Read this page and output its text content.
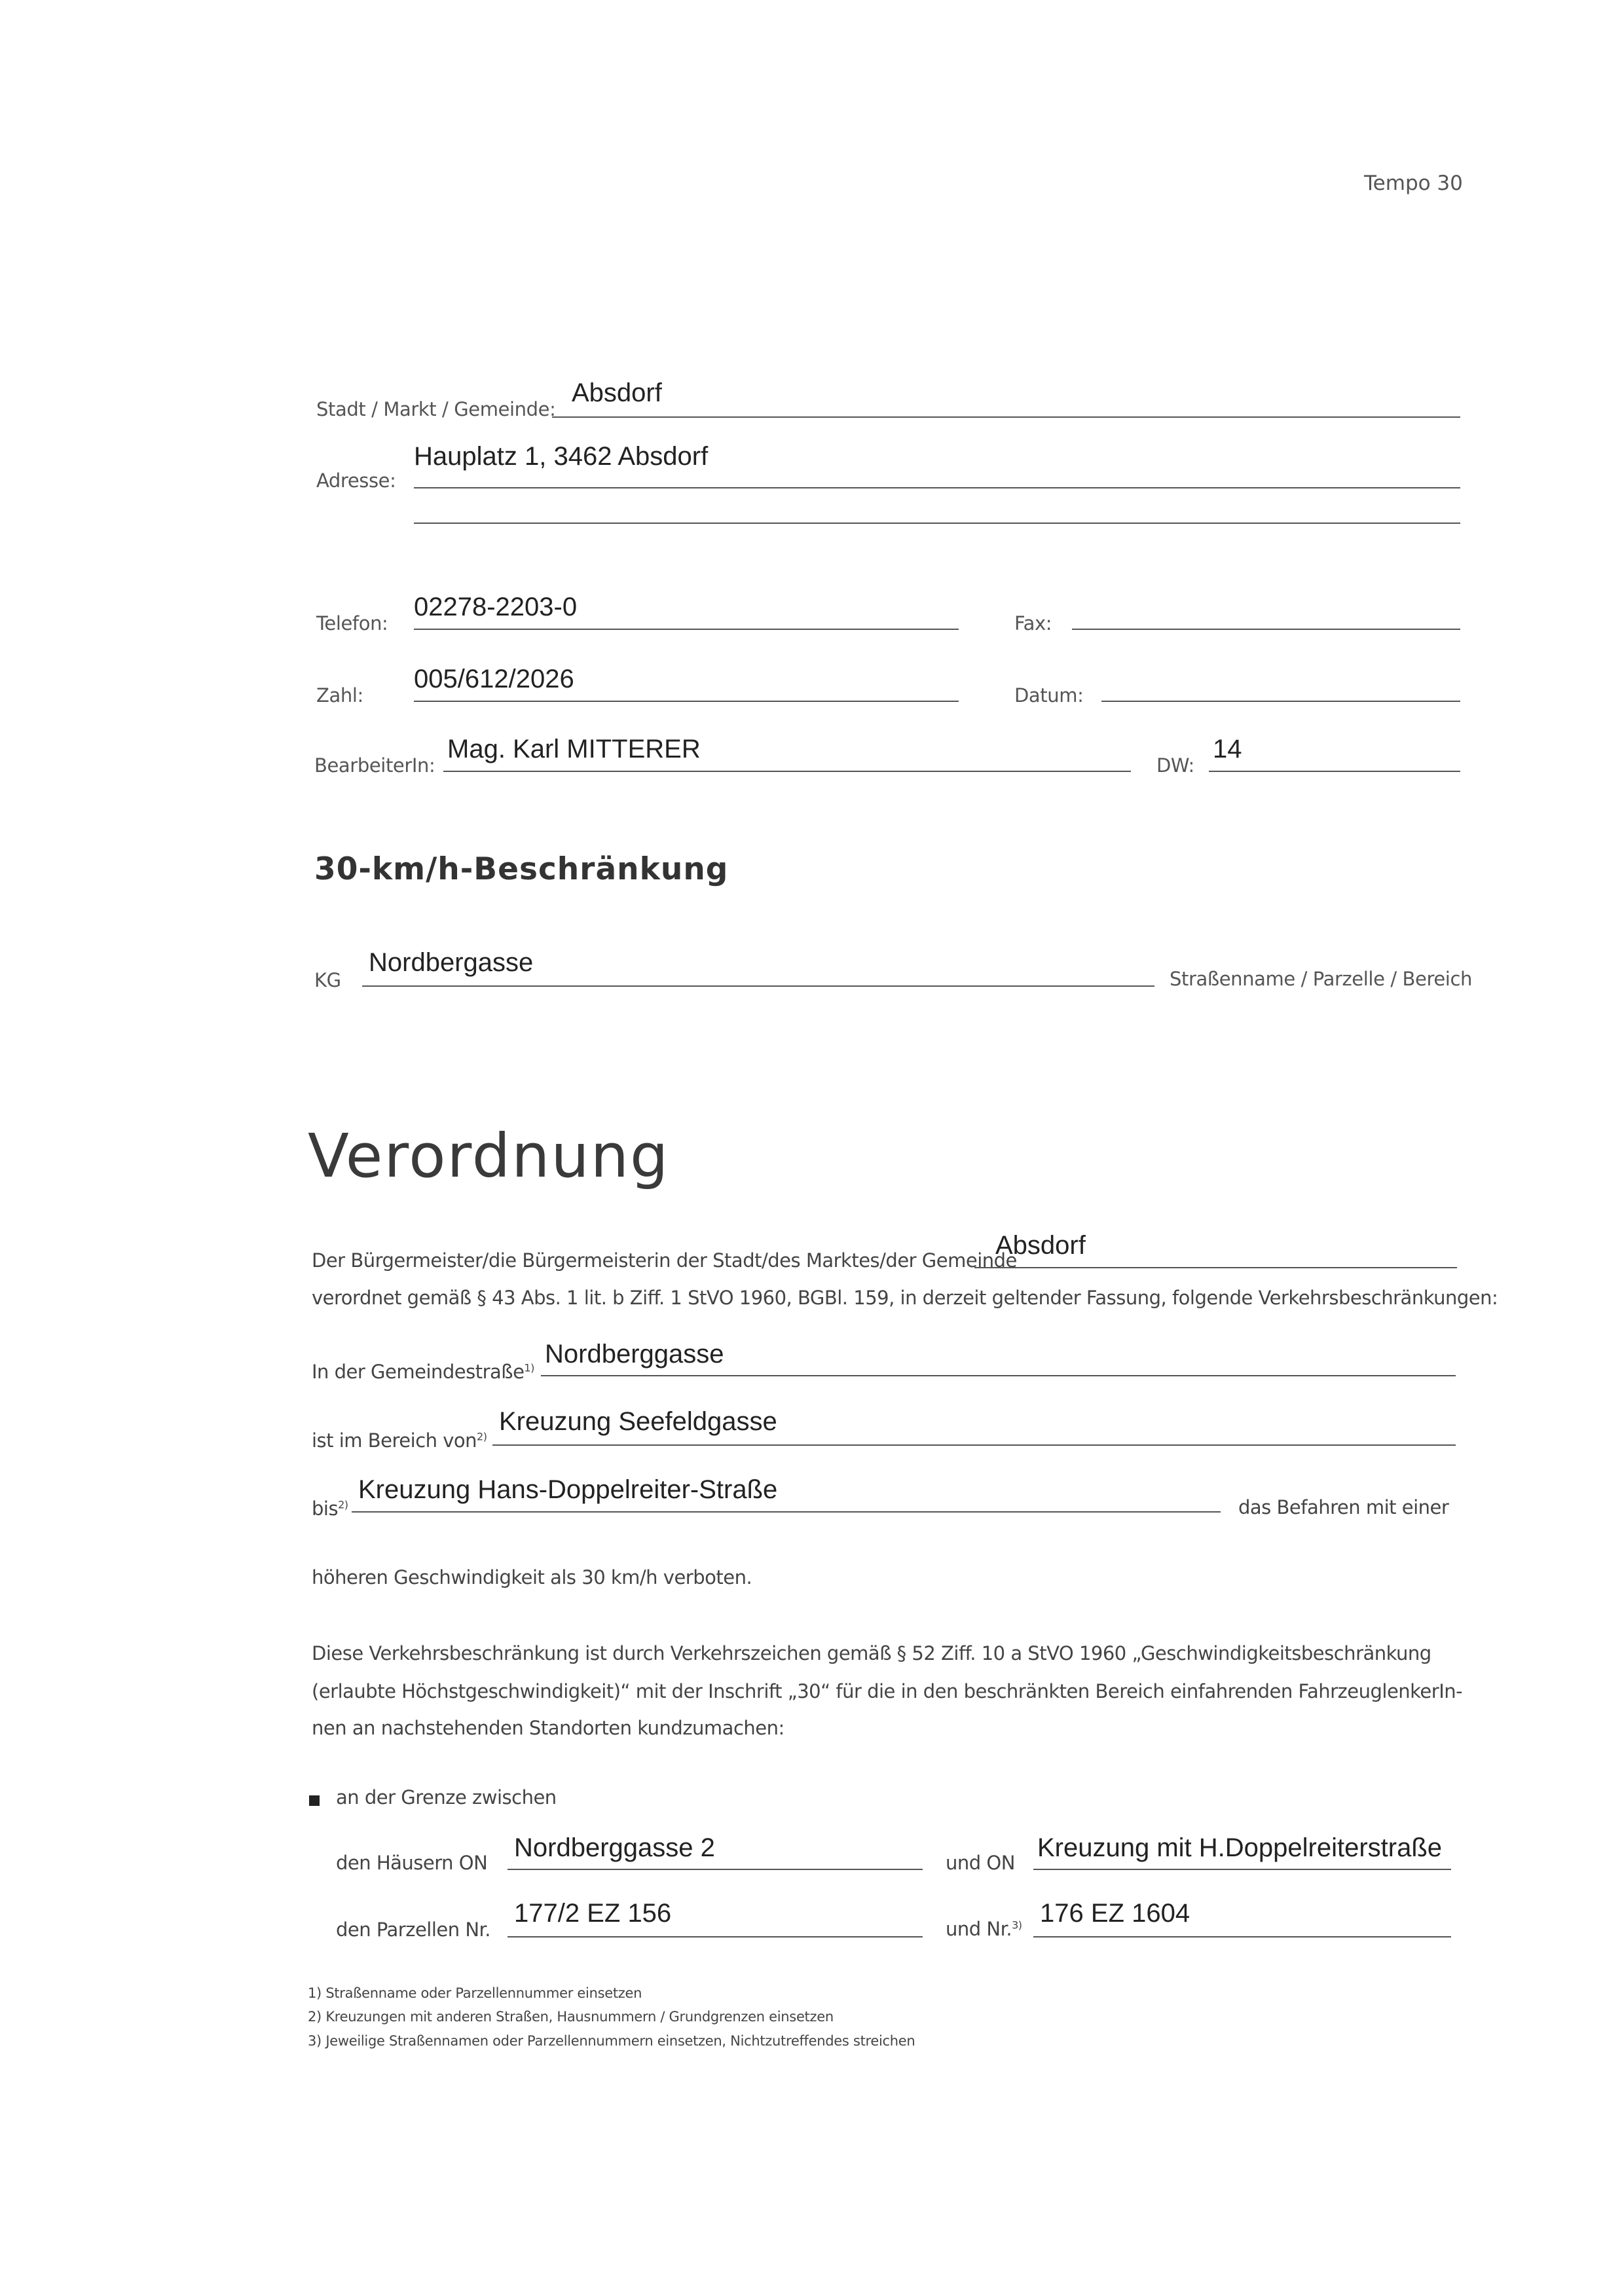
Tempo 30
Stadt / Markt / Gemeinde:
Absdorf
Adresse:
Hauplatz 1, 3462 Absdorf
Telefon:
02278-2203-0
Fax:
Zahl:
005/612/2026
Datum:
BearbeiterIn:
Mag. Karl MITTERER
DW:
14
30-km/h-Beschränkung
KG
Nordbergasse
Straßenname / Parzelle / Bereich
Verordnung
Der Bürgermeister/die Bürgermeisterin der Stadt/des Marktes/der Gemeinde
Absdorf
verordnet gemäß § 43 Abs. 1 lit. b Ziff. 1 StVO 1960, BGBl. 159, in derzeit geltender Fassung, folgende Verkehrsbeschränkungen:
In der Gemeindestraße$^{1)}$ Nordberggasse
ist im Bereich von$^{2)}$
Kreuzung Seefeldgasse
bis$^{2)}$
Kreuzung Hans-Doppelreiter-Straße
das Befahren mit einer
höheren Geschwindigkeit als 30 km/h verboten.
Diese Verkehrsbeschränkung ist durch Verkehrszeichen gemäß § 52 Ziff. 10 a StVO 1960 „Geschwindigkeitsbeschränkung
(erlaubte Höchstgeschwindigkeit)“ mit der Inschrift „30“ für die in den beschränkten Bereich einfahrenden FahrzeuglenkerIn-
nen an nachstehenden Standorten kundzumachen:
an der Grenze zwischen
den Häusern ON
Nordberggasse 2
und ON
Kreuzung mit H.Doppelreiterstraße
den Parzellen Nr.
177/2 EZ 156
und Nr.$^{3)}$ 176 EZ 1604
1) Straßenname oder Parzellennummer einsetzen
2) Kreuzungen mit anderen Straßen, Hausnummern / Grundgrenzen einsetzen
3) Jeweilige Straßennamen oder Parzellennummern einsetzen, Nichtzutreffendes streichen
